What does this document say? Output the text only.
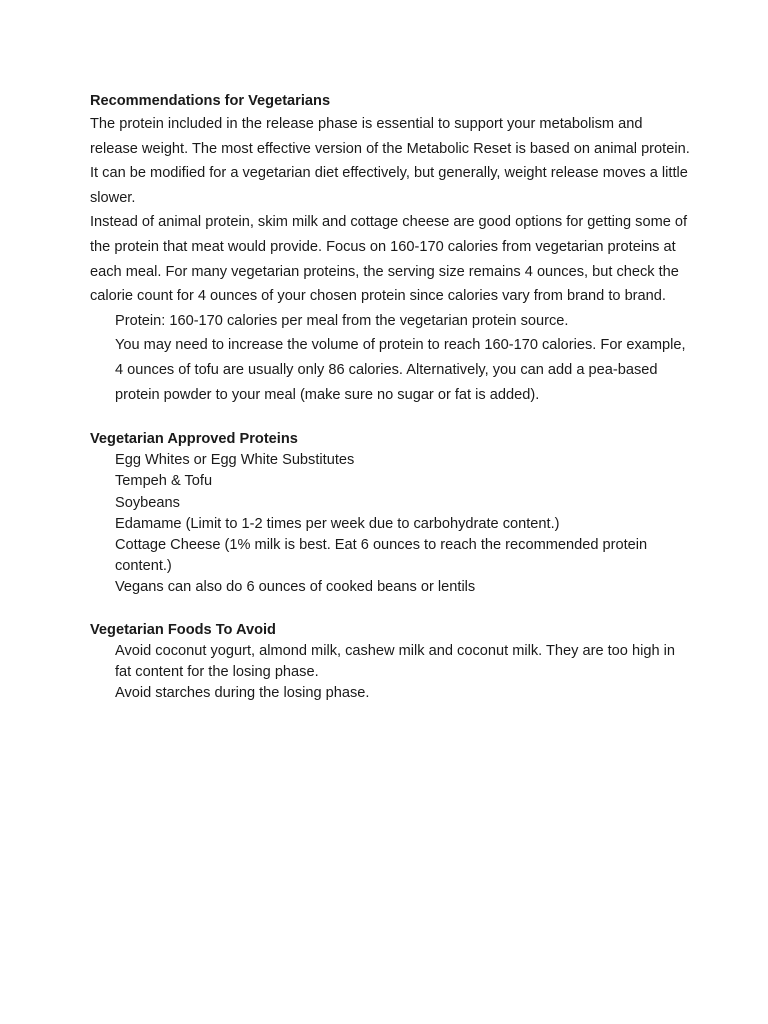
Recommendations for Vegetarians

The protein included in the release phase is essential to support your metabolism and release weight. The most effective version of the Metabolic Reset is based on animal protein. It can be modified for a vegetarian diet effectively, but generally, weight release moves a little slower.

Instead of animal protein, skim milk and cottage cheese are good options for getting some of the protein that meat would provide. Focus on 160-170 calories from vegetarian proteins at each meal. For many vegetarian proteins, the serving size remains 4 ounces, but check the calorie count for 4 ounces of your chosen protein since calories vary from brand to brand.

Protein: 160-170 calories per meal from the vegetarian protein source.
You may need to increase the volume of protein to reach 160-170 calories. For example, 4 ounces of tofu are usually only 86 calories. Alternatively, you can add a pea-based protein powder to your meal (make sure no sugar or fat is added).
Vegetarian Approved Proteins
Egg Whites or Egg White Substitutes
Tempeh & Tofu
Soybeans
Edamame (Limit to 1-2 times per week due to carbohydrate content.)
Cottage Cheese (1% milk is best. Eat 6 ounces to reach the recommended protein content.)
Vegans can also do 6 ounces of cooked beans or lentils
Vegetarian Foods To Avoid
Avoid coconut yogurt, almond milk, cashew milk and coconut milk. They are too high in fat content for the losing phase.
Avoid starches during the losing phase.
